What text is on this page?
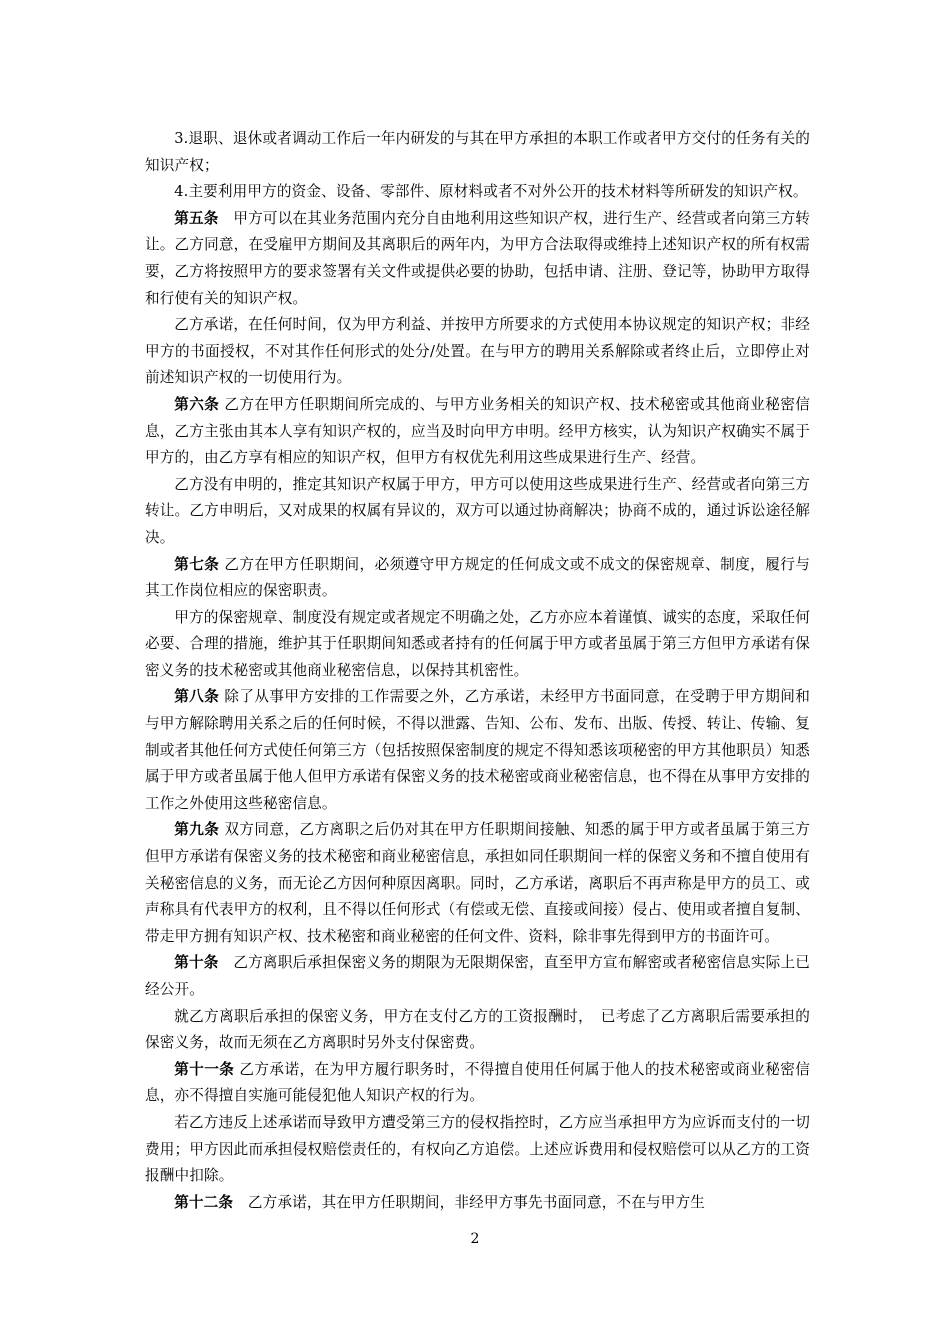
3.退职、退休或者调动工作后一年内研发的与其在甲方承担的本职工作或者甲方交付的任务有关的知识产权；

4.主要利用甲方的资金、设备、零部件、原材料或者不对外公开的技术材料等所研发的知识产权。

第五条　甲方可以在其业务范围内充分自由地利用这些知识产权，进行生产、经营或者向第三方转让。乙方同意，在受雇甲方期间及其离职后的两年内，为甲方合法取得或维持上述知识产权的所有权需要，乙方将按照甲方的要求签署有关文件或提供必要的协助，包括申请、注册、登记等，协助甲方取得和行使有关的知识产权。

乙方承诺，在任何时间，仅为甲方利益、并按甲方所要求的方式使用本协议规定的知识产权；非经甲方的书面授权，不对其作任何形式的处分/处置。在与甲方的聘用关系解除或者终止后，立即停止对前述知识产权的一切使用行为。

第六条 乙方在甲方任职期间所完成的、与甲方业务相关的知识产权、技术秘密或其他商业秘密信息，乙方主张由其本人享有知识产权的，应当及时向甲方申明。经甲方核实，认为知识产权确实不属于甲方的，由乙方享有相应的知识产权，但甲方有权优先利用这些成果进行生产、经营。

乙方没有申明的，推定其知识产权属于甲方，甲方可以使用这些成果进行生产、经营或者向第三方转让。乙方申明后，又对成果的权属有异议的，双方可以通过协商解决；协商不成的，通过诉讼途径解决。

第七条 乙方在甲方任职期间，必须遵守甲方规定的任何成文或不成文的保密规章、制度，履行与其工作岗位相应的保密职责。

甲方的保密规章、制度没有规定或者规定不明确之处，乙方亦应本着谨慎、诚实的态度，采取任何必要、合理的措施，维护其于任职期间知悉或者持有的任何属于甲方或者虽属于第三方但甲方承诺有保密义务的技术秘密或其他商业秘密信息，以保持其机密性。

第八条 除了从事甲方安排的工作需要之外，乙方承诺，未经甲方书面同意，在受聘于甲方期间和与甲方解除聘用关系之后的任何时候，不得以泄露、告知、公布、发布、出版、传授、转让、传输、复制或者其他任何方式使任何第三方（包括按照保密制度的规定不得知悉该项秘密的甲方其他职员）知悉属于甲方或者虽属于他人但甲方承诺有保密义务的技术秘密或商业秘密信息，也不得在从事甲方安排的工作之外使用这些秘密信息。

第九条 双方同意，乙方离职之后仍对其在甲方任职期间接触、知悉的属于甲方或者虽属于第三方但甲方承诺有保密义务的技术秘密和商业秘密信息，承担如同任职期间一样的保密义务和不擅自使用有关秘密信息的义务，而无论乙方因何种原因离职。同时，乙方承诺，离职后不再声称是甲方的员工、或声称具有代表甲方的权利，且不得以任何形式（有偿或无偿、直接或间接）侵占、使用或者擅自复制、带走甲方拥有知识产权、技术秘密和商业秘密的任何文件、资料，除非事先得到甲方的书面许可。

第十条　乙方离职后承担保密义务的期限为无限期保密，直至甲方宣布解密或者秘密信息实际上已经公开。

就乙方离职后承担的保密义务，甲方在支付乙方的工资报酬时，　已考虑了乙方离职后需要承担的保密义务，故而无须在乙方离职时另外支付保密费。

第十一条 乙方承诺，在为甲方履行职务时，不得擅自使用任何属于他人的技术秘密或商业秘密信息，亦不得擅自实施可能侵犯他人知识产权的行为。

若乙方违反上述承诺而导致甲方遭受第三方的侵权指控时，乙方应当承担甲方为应诉而支付的一切费用；甲方因此而承担侵权赔偿责任的，有权向乙方追偿。上述应诉费用和侵权赔偿可以从乙方的工资报酬中扣除。

第十二条　乙方承诺，其在甲方任职期间，非经甲方事先书面同意，不在与甲方生

2
